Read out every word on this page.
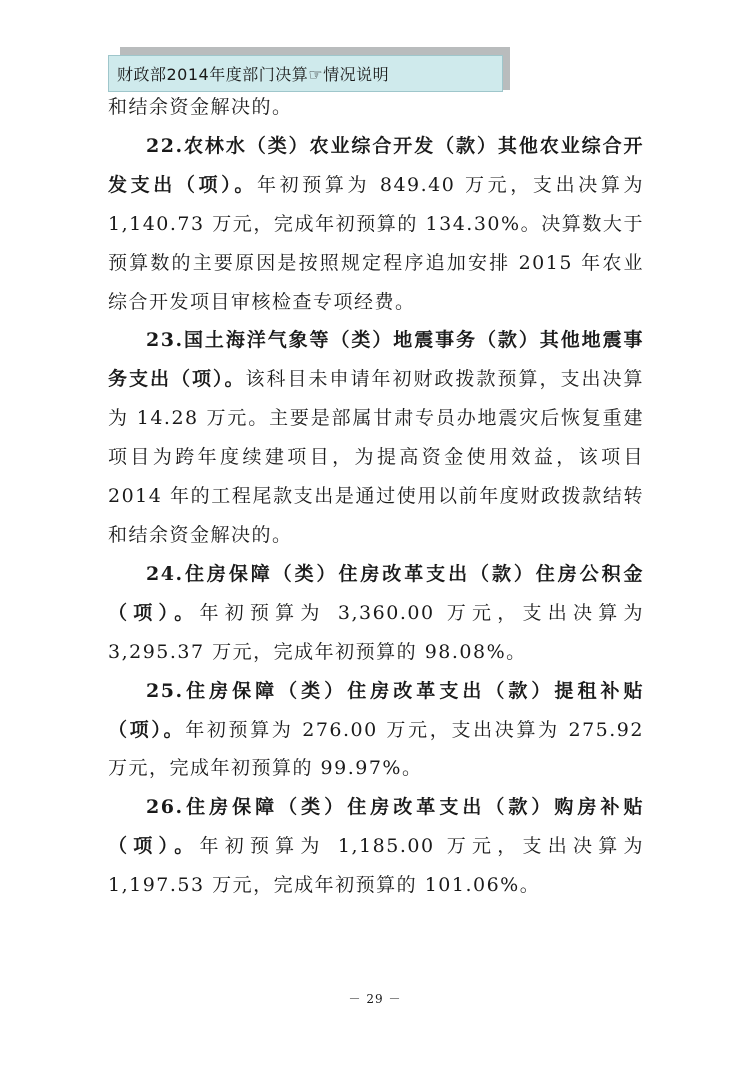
财政部2014年度部门决算☞情况说明

和结余资金解决的。

22.农林水（类）农业综合开发（款）其他农业综合开发支出（项）。年初预算为 849.40 万元，支出决算为 1,140.73 万元，完成年初预算的 134.30%。决算数大于预算数的主要原因是按照规定程序追加安排 2015 年农业综合开发项目审核检查专项经费。

23.国土海洋气象等（类）地震事务（款）其他地震事务支出（项）。该科目未申请年初财政拨款预算，支出决算为 14.28 万元。主要是部属甘肃专员办地震灾后恢复重建项目为跨年度续建项目，为提高资金使用效益，该项目 2014 年的工程尾款支出是通过使用以前年度财政拨款结转和结余资金解决的。

24.住房保障（类）住房改革支出（款）住房公积金（项）。年初预算为 3,360.00 万元，支出决算为 3,295.37 万元，完成年初预算的 98.08%。

25.住房保障（类）住房改革支出（款）提租补贴（项）。年初预算为 276.00 万元，支出决算为 275.92 万元，完成年初预算的 99.97%。

26.住房保障（类）住房改革支出（款）购房补贴（项）。年初预算为 1,185.00 万元，支出决算为 1,197.53 万元，完成年初预算的 101.06%。

－ 29 －
